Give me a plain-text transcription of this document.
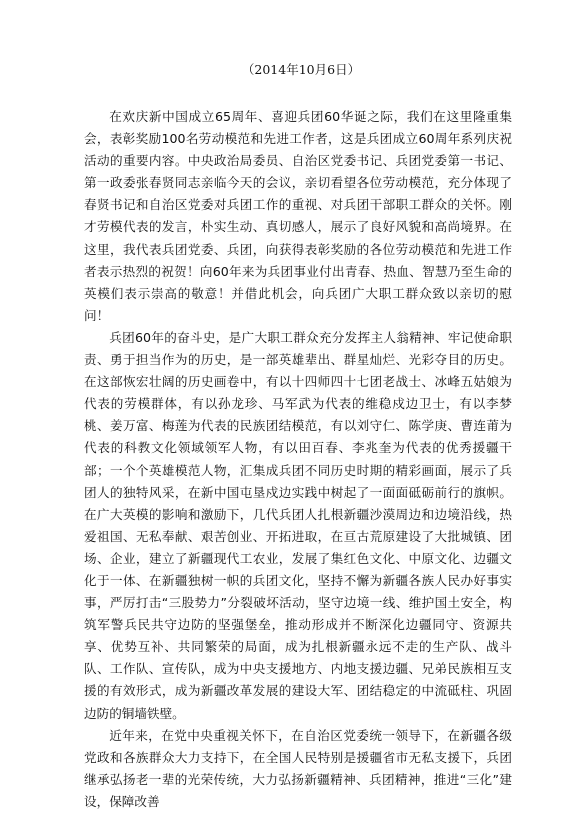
（2014年10月6日）

在欢庆新中国成立65周年、喜迎兵团60华诞之际，我们在这里隆重集会，表彰奖励100名劳动模范和先进工作者，这是兵团成立60周年系列庆祝活动的重要内容。中央政治局委员、自治区党委书记、兵团党委第一书记、第一政委张春贤同志亲临今天的会议，亲切看望各位劳动模范，充分体现了春贤书记和自治区党委对兵团工作的重视、对兵团干部职工群众的关怀。刚才劳模代表的发言，朴实生动、真切感人，展示了良好风貌和高尚境界。在这里，我代表兵团党委、兵团，向获得表彰奖励的各位劳动模范和先进工作者表示热烈的祝贺！向60年来为兵团事业付出青春、热血、智慧乃至生命的英模们表示崇高的敬意！并借此机会，向兵团广大职工群众致以亲切的慰问！

兵团60年的奋斗史，是广大职工群众充分发挥主人翁精神、牢记使命职责、勇于担当作为的历史，是一部英雄辈出、群星灿烂、光彩夺目的历史。在这部恢宏壮阔的历史画卷中，有以十四师四十七团老战士、冰峰五姑娘为代表的劳模群体，有以孙龙珍、马军武为代表的维稳戍边卫士，有以李梦桃、姜万富、梅莲为代表的民族团结模范，有以刘守仁、陈学庚、曹连莆为代表的科教文化领域领军人物，有以田百春、李兆奎为代表的优秀援疆干部；一个个英雄模范人物，汇集成兵团不同历史时期的精彩画面，展示了兵团人的独特风采，在新中国屯垦戍边实践中树起了一面面砥砺前行的旗帜。在广大英模的影响和激励下，几代兵团人扎根新疆沙漠周边和边境沿线，热爱祖国、无私奉献、艰苦创业、开拓进取，在亘古荒原建设了大批城镇、团场、企业，建立了新疆现代工农业，发展了集红色文化、中原文化、边疆文化于一体、在新疆独树一帜的兵团文化，坚持不懈为新疆各族人民办好事实事，严厉打击“三股势力”分裂破坏活动，坚守边境一线、维护国土安全，构筑军警兵民共守边防的坚强堡垒，推动形成并不断深化边疆同守、资源共享、优势互补、共同繁荣的局面，成为扎根新疆永远不走的生产队、战斗队、工作队、宣传队，成为中央支援地方、内地支援边疆、兄弟民族相互支援的有效形式，成为新疆改革发展的建设大军、团结稳定的中流砥柱、巩固边防的铜墙铁壁。

近年来，在党中央重视关怀下，在自治区党委统一领导下，在新疆各级党政和各族群众大力支持下，在全国人民特别是援疆省市无私支援下，兵团继承弘扬老一辈的光荣传统，大力弘扬新疆精神、兵团精神，推进“三化”建设，保障改善
